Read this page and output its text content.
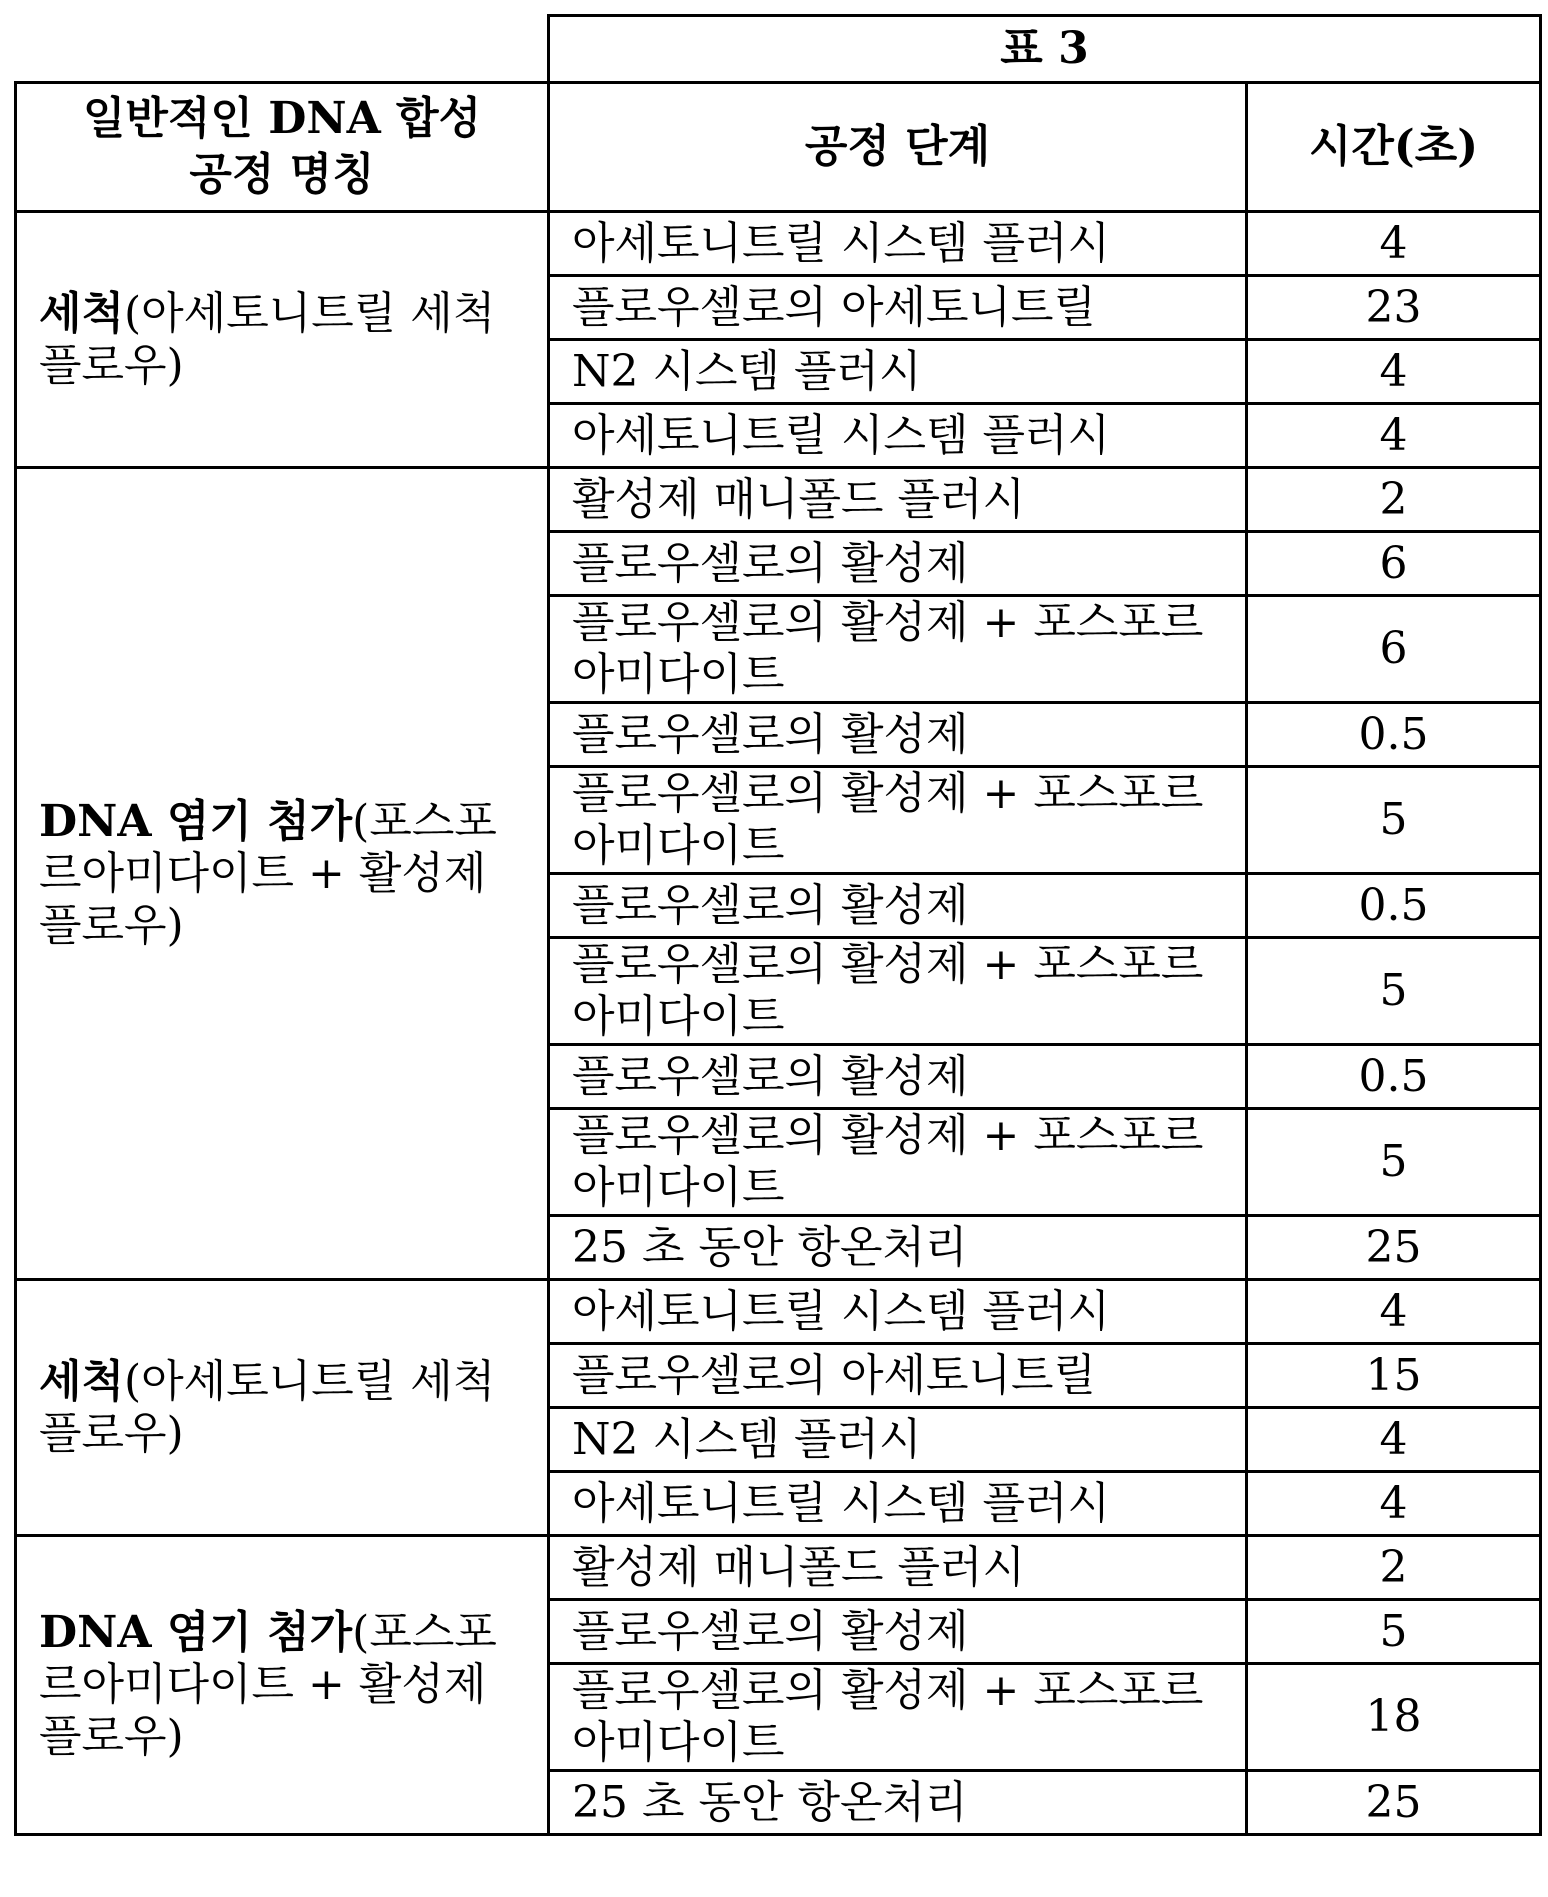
	표 3
일반적인 DNA 합성 공정 명칭	공정 단계	시간(초)
세척(아세토니트릴 세척 플로우)	아세토니트릴 시스템 플러시	4
플로우셀로의 아세토니트릴	23
N2 시스템 플러시	4
아세토니트릴 시스템 플러시	4
DNA 염기 첨가(포스포르아미다이트 + 활성제 플로우)	활성제 매니폴드 플러시	2
플로우셀로의 활성제	6
플로우셀로의 활성제 + 포스포르아미다이트	6
플로우셀로의 활성제	0.5
플로우셀로의 활성제 + 포스포르아미다이트	5
플로우셀로의 활성제	0.5
플로우셀로의 활성제 + 포스포르아미다이트	5
플로우셀로의 활성제	0.5
플로우셀로의 활성제 + 포스포르아미다이트	5
25 초 동안 항온처리	25
세척(아세토니트릴 세척 플로우)	아세토니트릴 시스템 플러시	4
플로우셀로의 아세토니트릴	15
N2 시스템 플러시	4
아세토니트릴 시스템 플러시	4
DNA 염기 첨가(포스포르아미다이트 + 활성제 플로우)	활성제 매니폴드 플러시	2
플로우셀로의 활성제	5
플로우셀로의 활성제 + 포스포르아미다이트	18
25 초 동안 항온처리	25
